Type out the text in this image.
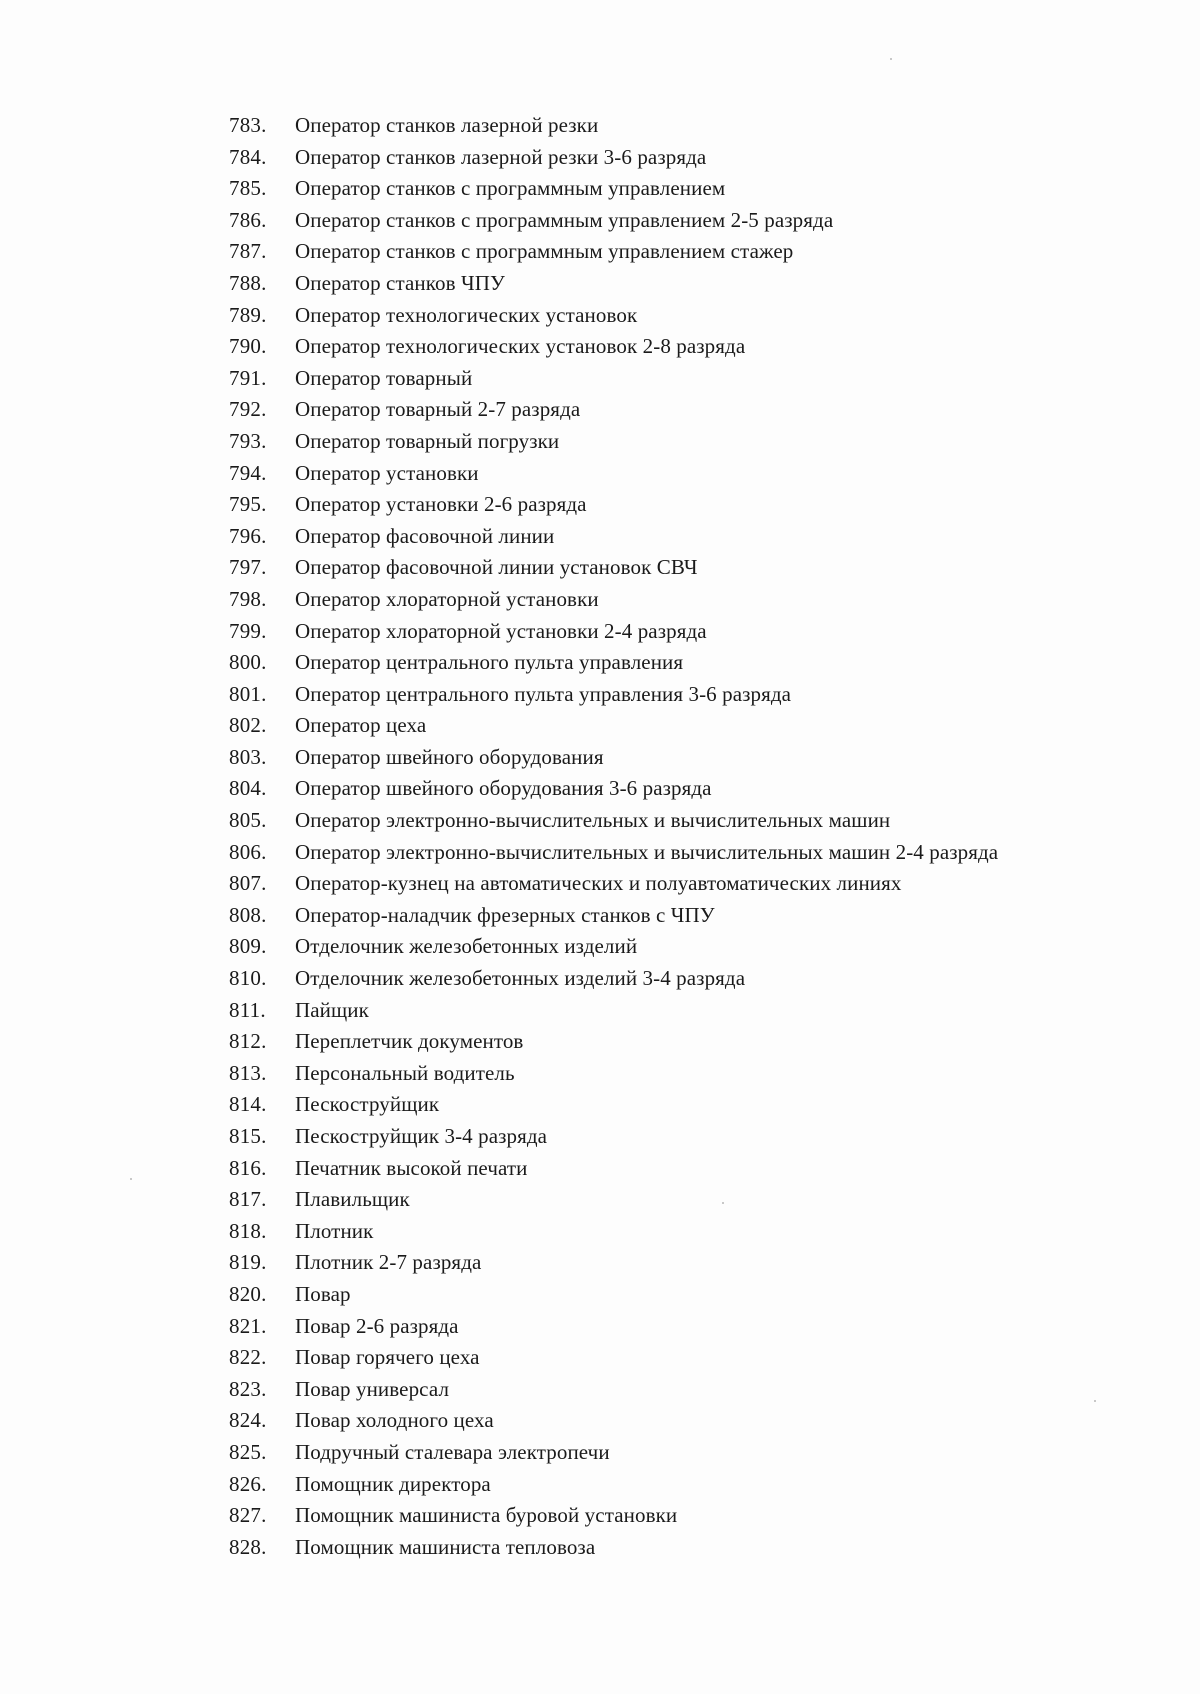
783.	Оператор станков лазерной резки
784.	Оператор станков лазерной резки 3-6 разряда
785.	Оператор станков с программным управлением
786.	Оператор станков с программным управлением 2-5 разряда
787.	Оператор станков с программным управлением стажер
788.	Оператор станков ЧПУ
789.	Оператор технологических установок
790.	Оператор технологических установок 2-8 разряда
791.	Оператор товарный
792.	Оператор товарный 2-7 разряда
793.	Оператор товарный погрузки
794.	Оператор установки
795.	Оператор установки 2-6 разряда
796.	Оператор фасовочной линии
797.	Оператор фасовочной линии установок СВЧ
798.	Оператор хлораторной установки
799.	Оператор хлораторной установки 2-4 разряда
800.	Оператор центрального пульта управления
801.	Оператор центрального пульта управления 3-6 разряда
802.	Оператор цеха
803.	Оператор швейного оборудования
804.	Оператор швейного оборудования 3-6 разряда
805.	Оператор электронно-вычислительных и вычислительных машин
806.	Оператор электронно-вычислительных и вычислительных машин 2-4 разряда
807.	Оператор-кузнец на автоматических и полуавтоматических линиях
808.	Оператор-наладчик фрезерных станков с ЧПУ
809.	Отделочник железобетонных изделий
810.	Отделочник железобетонных изделий 3-4 разряда
811.	Пайщик
812.	Переплетчик документов
813.	Персональный водитель
814.	Пескоструйщик
815.	Пескоструйщик 3-4 разряда
816.	Печатник высокой печати
817.	Плавильщик
818.	Плотник
819.	Плотник 2-7 разряда
820.	Повар
821.	Повар 2-6 разряда
822.	Повар горячего цеха
823.	Повар универсал
824.	Повар холодного цеха
825.	Подручный сталевара электропечи
826.	Помощник директора
827.	Помощник машиниста буровой установки
828.	Помощник машиниста тепловоза
